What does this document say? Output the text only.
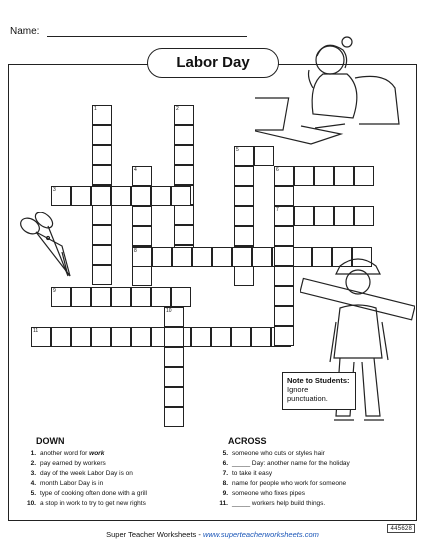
Name:
Labor Day
1	2
4
5
3
6
7
8
9
11
10
Note to Students:
Ignore punctuation.
DOWN	ACROSS
1. another word for work
2. pay earned by workers
3. day of the week Labor Day is on
4. month Labor Day is in
5. type of cooking often done with a grill
10. a stop in work to try to get new rights
5. someone who cuts or styles hair
6. _____ Day: another name for the holiday
7. to take it easy
8. name for people who work for someone
9. someone who fixes pipes
11. _____ workers help build things.
Super Teacher Worksheets - www.superteacherworksheets.com
445628
